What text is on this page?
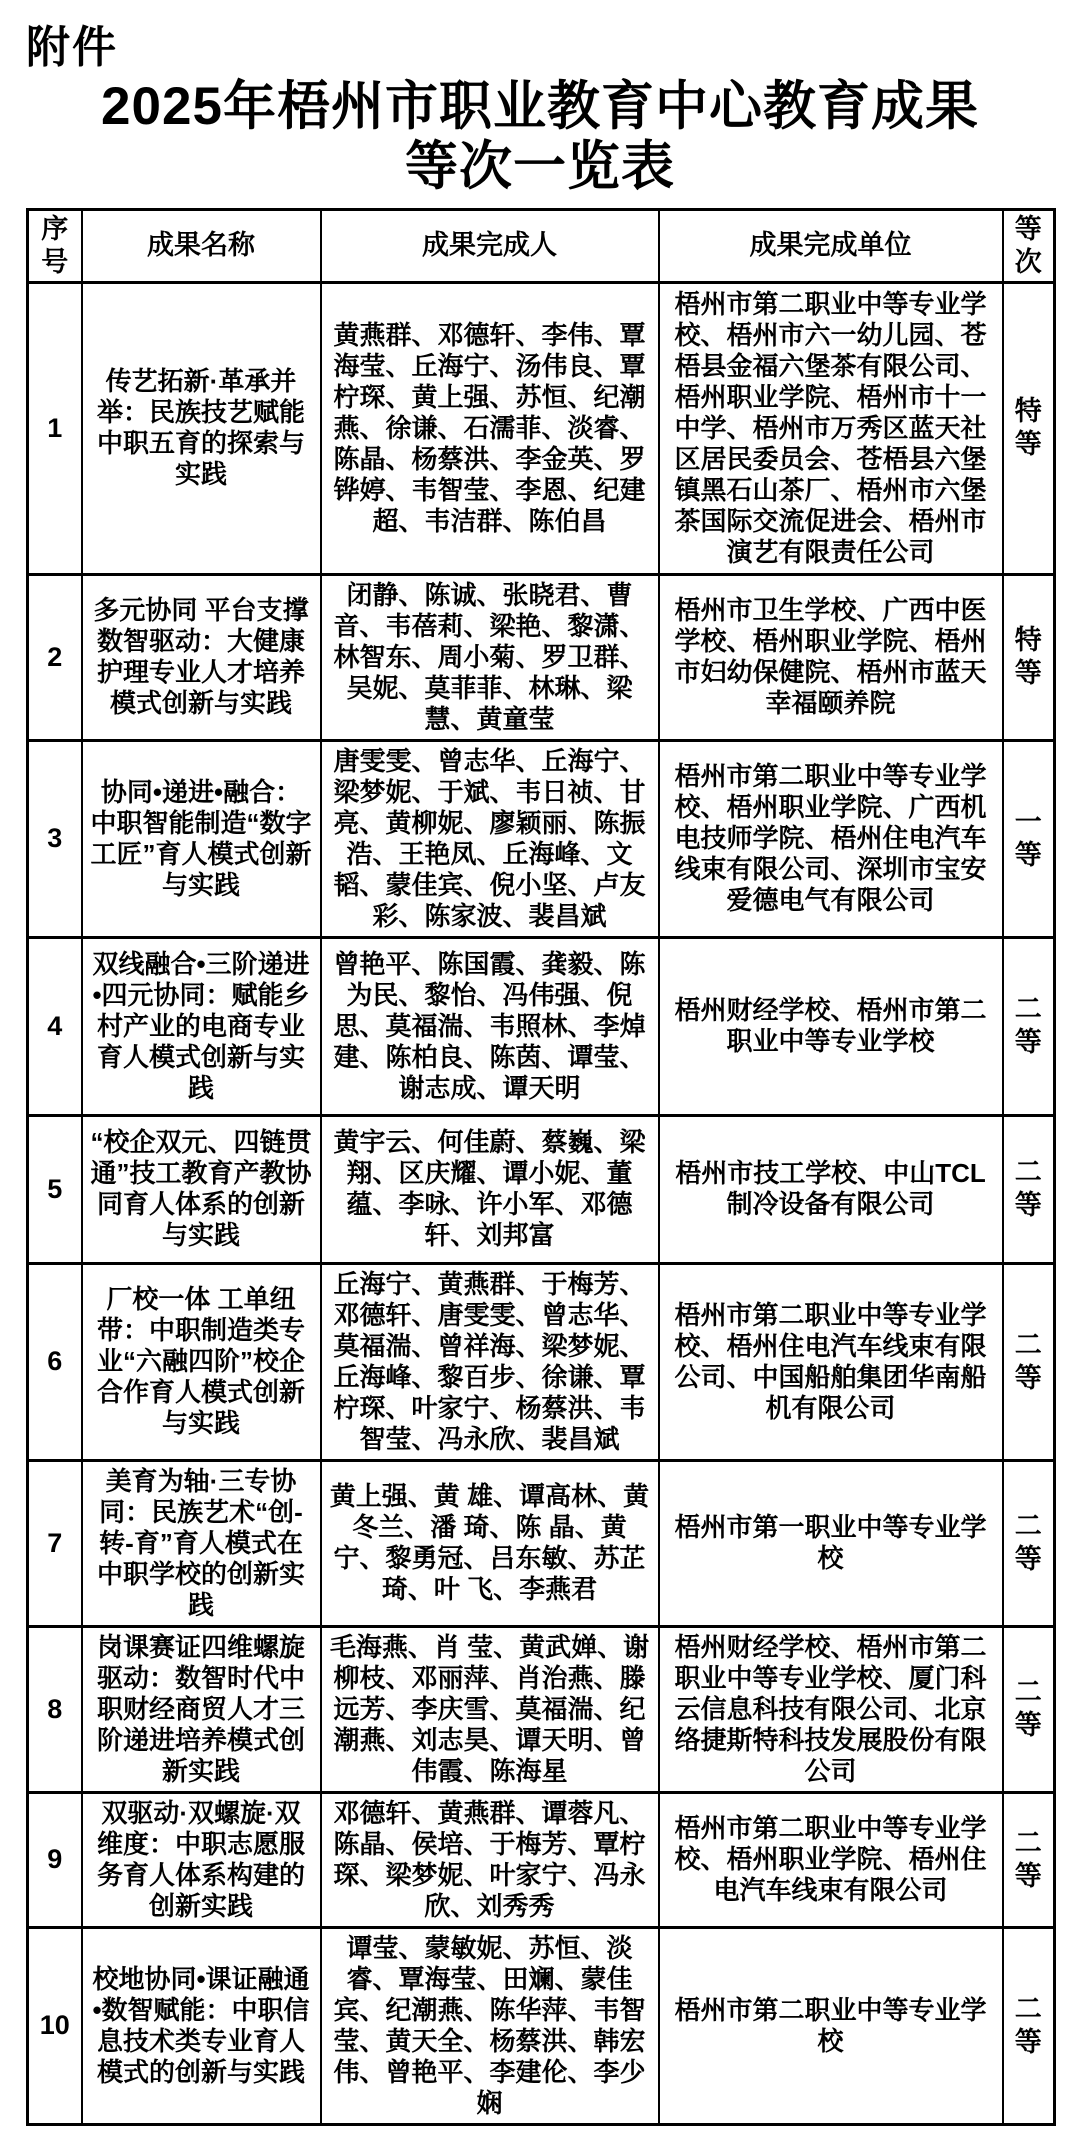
附件
2025年梧州市职业教育中心教育成果
等次一览表
序号	成果名称	成果完成人	成果完成单位	等次
1	传艺拓新·革承并举：民族技艺赋能中职五育的探索与实践	黄燕群、邓德轩、李伟、覃海莹、丘海宁、汤伟良、覃柠琛、黄上强、苏恒、纪潮燕、徐谦、石濡菲、淡睿、陈晶、杨蔡洪、李金英、罗铧婷、韦智莹、李恩、纪建超、韦洁群、陈伯昌	梧州市第二职业中等专业学校、梧州市六一幼儿园、苍梧县金福六堡茶有限公司、梧州职业学院、梧州市十一中学、梧州市万秀区蓝天社区居民委员会、苍梧县六堡镇黑石山茶厂、梧州市六堡茶国际交流促进会、梧州市演艺有限责任公司	特等
2	多元协同 平台支撑 数智驱动：大健康护理专业人才培养模式创新与实践	闭静、陈诚、张晓君、曹音、韦蓓莉、梁艳、黎潇、林智东、周小菊、罗卫群、吴妮、莫菲菲、林琳、梁慧、黄童莹	梧州市卫生学校、广西中医学校、梧州职业学院、梧州市妇幼保健院、梧州市蓝天幸福颐养院	特等
3	协同•递进•融合：中职智能制造“数字工匠”育人模式创新与实践	唐雯雯、曾志华、丘海宁、梁梦妮、于斌、韦日祯、甘亮、黄柳妮、廖颖丽、陈振浩、王艳凤、丘海峰、文韬、蒙佳宾、倪小坚、卢友彩、陈家波、裴昌斌	梧州市第二职业中等专业学校、梧州职业学院、广西机电技师学院、梧州住电汽车线束有限公司、深圳市宝安爱德电气有限公司	一等
4	双线融合•三阶递进•四元协同：赋能乡村产业的电商专业育人模式创新与实践	曾艳平、陈国霞、龚毅、陈为民、黎怡、冯伟强、倪思、莫福湍、韦照林、李焯建、陈柏良、陈茵、谭莹、谢志成、谭天明	梧州财经学校、梧州市第二职业中等专业学校	二等
5	“校企双元、四链贯通”技工教育产教协同育人体系的创新与实践	黄宇云、何佳蔚、蔡巍、梁翔、区庆耀、谭小妮、董蕴、李咏、许小军、邓德轩、刘邦富	梧州市技工学校、中山TCL制冷设备有限公司	二等
6	厂校一体 工单纽带：中职制造类专业“六融四阶”校企合作育人模式创新与实践	丘海宁、黄燕群、于梅芳、邓德轩、唐雯雯、曾志华、莫福湍、曾祥海、梁梦妮、丘海峰、黎百步、徐谦、覃柠琛、叶家宁、杨蔡洪、韦智莹、冯永欣、裴昌斌	梧州市第二职业中等专业学校、梧州住电汽车线束有限公司、中国船舶集团华南船机有限公司	二等
7	美育为轴·三专协同：民族艺术“创-转-育”育人模式在中职学校的创新实践	黄上强、黄 雄、谭高林、黄冬兰、潘 琦、陈 晶、黄 宁、黎勇冠、吕东敏、苏芷琦、叶 飞、李燕君	梧州市第一职业中等专业学校	二等
8	岗课赛证四维螺旋驱动：数智时代中职财经商贸人才三阶递进培养模式创新实践	毛海燕、肖 莹、黄武婵、谢柳枝、邓丽萍、肖治燕、滕远芳、李庆雪、莫福湍、纪潮燕、刘志昊、谭天明、曾伟霞、陈海星	梧州财经学校、梧州市第二职业中等专业学校、厦门科云信息科技有限公司、北京络捷斯特科技发展股份有限公司	二等
9	双驱动·双螺旋·双维度：中职志愿服务育人体系构建的创新实践	邓德轩、黄燕群、谭蓉凡、陈晶、侯培、于梅芳、覃柠琛、梁梦妮、叶家宁、冯永欣、刘秀秀	梧州市第二职业中等专业学校、梧州职业学院、梧州住电汽车线束有限公司	二等
10	校地协同•课证融通•数智赋能：中职信息技术类专业育人模式的创新与实践	谭莹、蒙敏妮、苏恒、淡睿、覃海莹、田斓、蒙佳宾、纪潮燕、陈华萍、韦智莹、黄天全、杨蔡洪、韩宏伟、曾艳平、李建伦、李少娴	梧州市第二职业中等专业学校	二等
